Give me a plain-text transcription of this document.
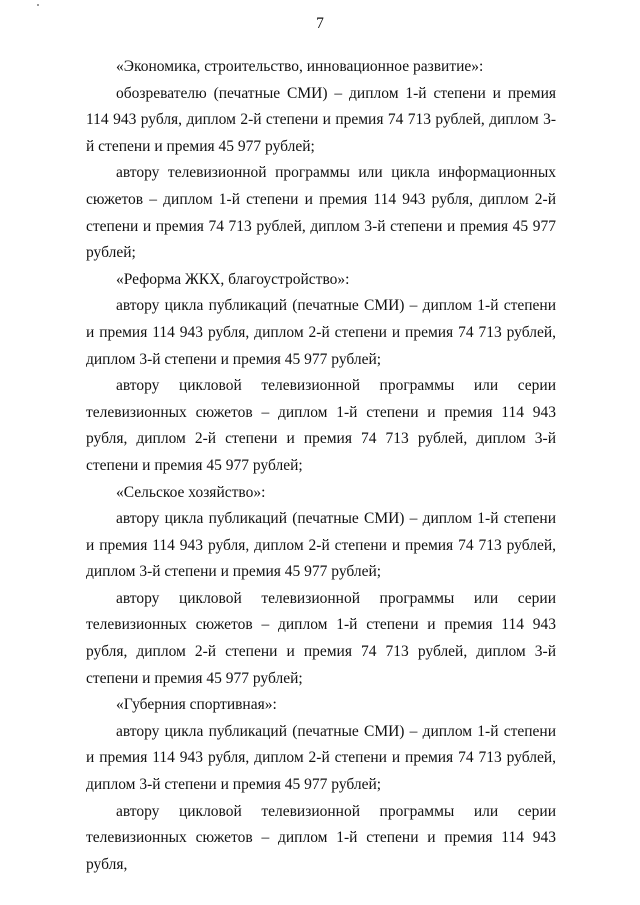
7

«Экономика, строительство, инновационное развитие»:

обозревателю (печатные СМИ) – диплом 1-й степени и премия 114 943 рубля, диплом 2-й степени и премия 74 713 рублей, диплом 3-й степени и премия 45 977 рублей;

автору телевизионной программы или цикла информационных сюжетов – диплом 1-й степени и премия 114 943 рубля, диплом 2-й степени и премия 74 713 рублей, диплом 3-й степени и премия 45 977 рублей;

«Реформа ЖКХ, благоустройство»:

автору цикла публикаций (печатные СМИ) – диплом 1-й степени и премия 114 943 рубля, диплом 2-й степени и премия 74 713 рублей, диплом 3-й степени и премия 45 977 рублей;

автору цикловой телевизионной программы или серии телевизионных сюжетов – диплом 1-й степени и премия 114 943 рубля, диплом 2-й степени и премия 74 713 рублей, диплом 3-й степени и премия 45 977 рублей;

«Сельское хозяйство»:

автору цикла публикаций (печатные СМИ) – диплом 1-й степени и премия 114 943 рубля, диплом 2-й степени и премия 74 713 рублей, диплом 3-й степени и премия 45 977 рублей;

автору цикловой телевизионной программы или серии телевизионных сюжетов – диплом 1-й степени и премия 114 943 рубля, диплом 2-й степени и премия 74 713 рублей, диплом 3-й степени и премия 45 977 рублей;

«Губерния спортивная»:

автору цикла публикаций (печатные СМИ) – диплом 1-й степени и премия 114 943 рубля, диплом 2-й степени и премия 74 713 рублей, диплом 3-й степени и премия 45 977 рублей;

автору цикловой телевизионной программы или серии телевизионных сюжетов – диплом 1-й степени и премия 114 943 рубля,
